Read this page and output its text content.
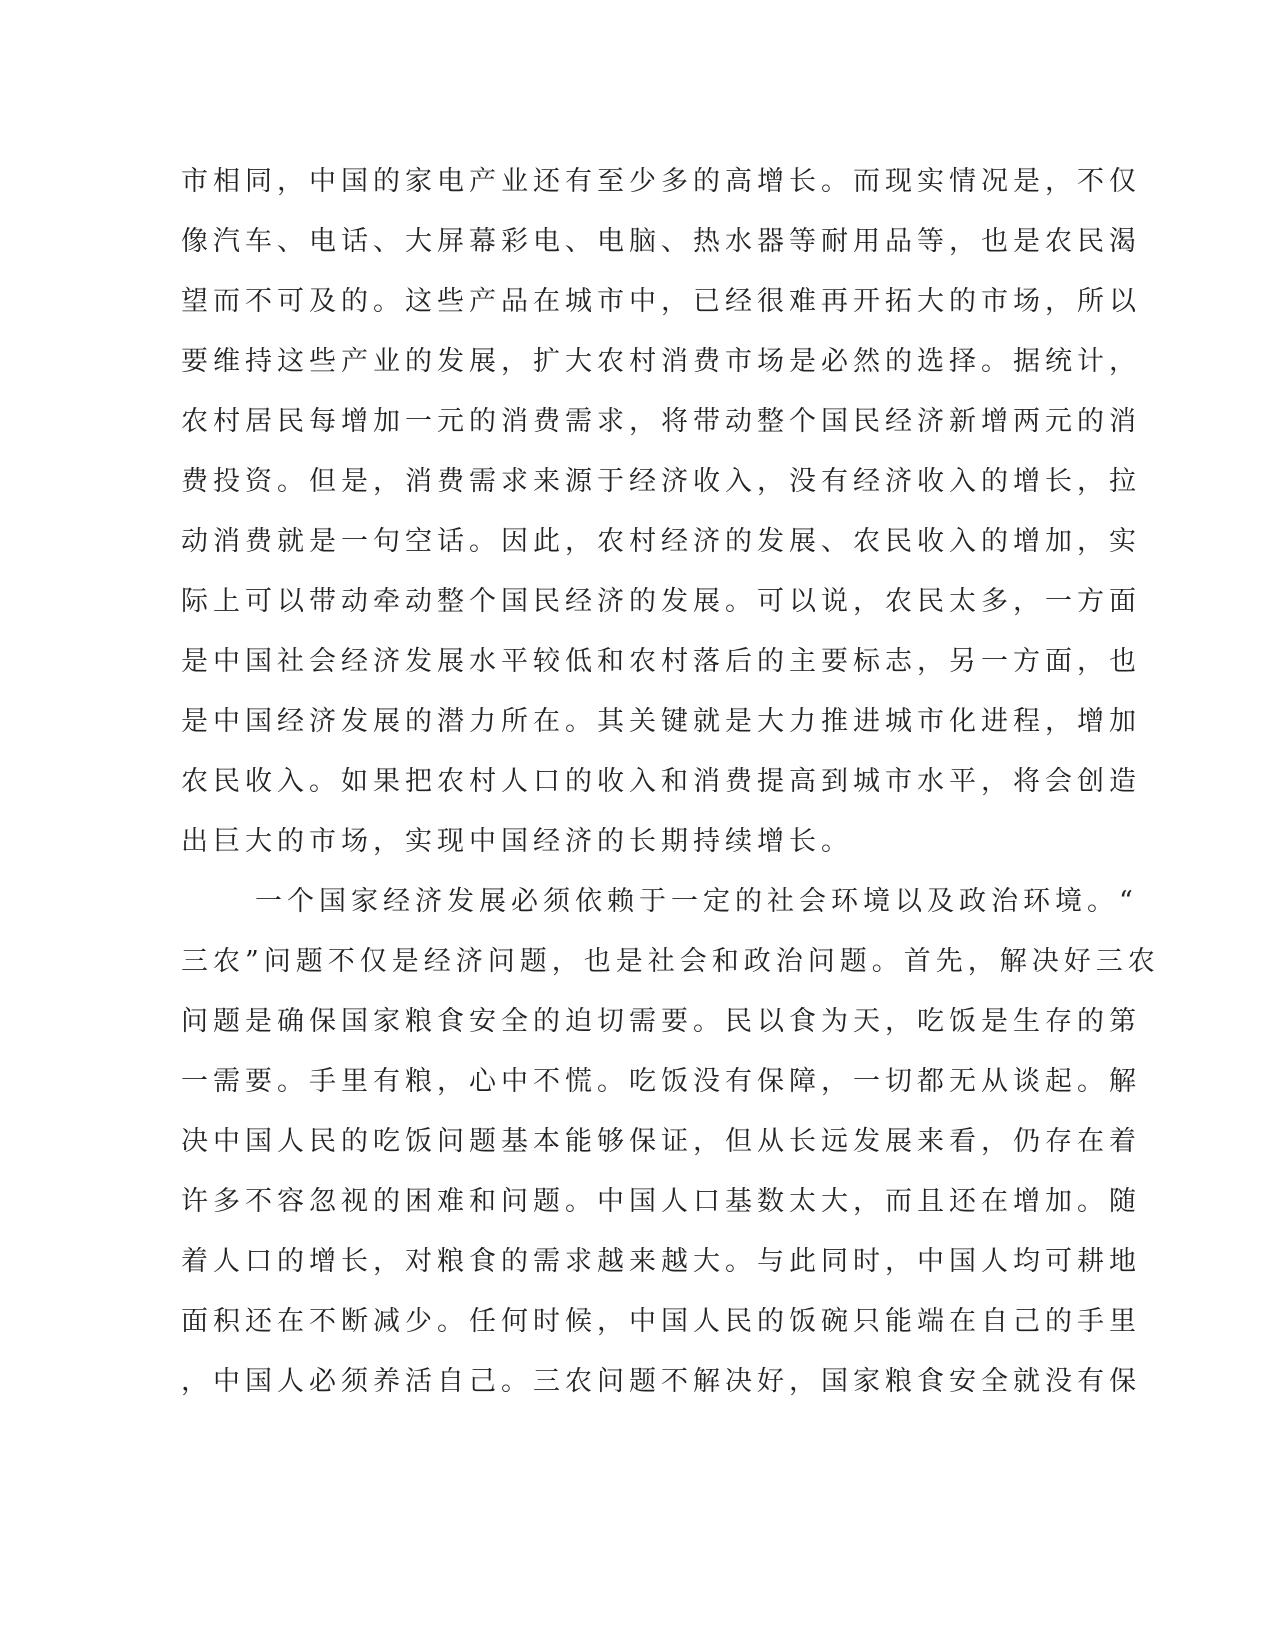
市相同，中国的家电产业还有至少多的高增长。而现实情况是，不仅
像汽车、电话、大屏幕彩电、电脑、热水器等耐用品等，也是农民渴
望而不可及的。这些产品在城市中，已经很难再开拓大的市场，所以
要维持这些产业的发展，扩大农村消费市场是必然的选择。据统计，
农村居民每增加一元的消费需求，将带动整个国民经济新增两元的消
费投资。但是，消费需求来源于经济收入，没有经济收入的增长，拉
动消费就是一句空话。因此，农村经济的发展、农民收入的增加，实
际上可以带动牵动整个国民经济的发展。可以说，农民太多，一方面
是中国社会经济发展水平较低和农村落后的主要标志，另一方面，也
是中国经济发展的潜力所在。其关键就是大力推进城市化进程，增加
农民收入。如果把农村人口的收入和消费提高到城市水平，将会创造
出巨大的市场，实现中国经济的长期持续增长。
一个国家经济发展必须依赖于一定的社会环境以及政治环境。“
三农”问题不仅是经济问题，也是社会和政治问题。首先，解决好三农
问题是确保国家粮食安全的迫切需要。民以食为天，吃饭是生存的第
一需要。手里有粮，心中不慌。吃饭没有保障，一切都无从谈起。解
决中国人民的吃饭问题基本能够保证，但从长远发展来看，仍存在着
许多不容忽视的困难和问题。中国人口基数太大，而且还在增加。随
着人口的增长，对粮食的需求越来越大。与此同时，中国人均可耕地
面积还在不断减少。任何时候，中国人民的饭碗只能端在自己的手里
，中国人必须养活自己。三农问题不解决好，国家粮食安全就没有保
